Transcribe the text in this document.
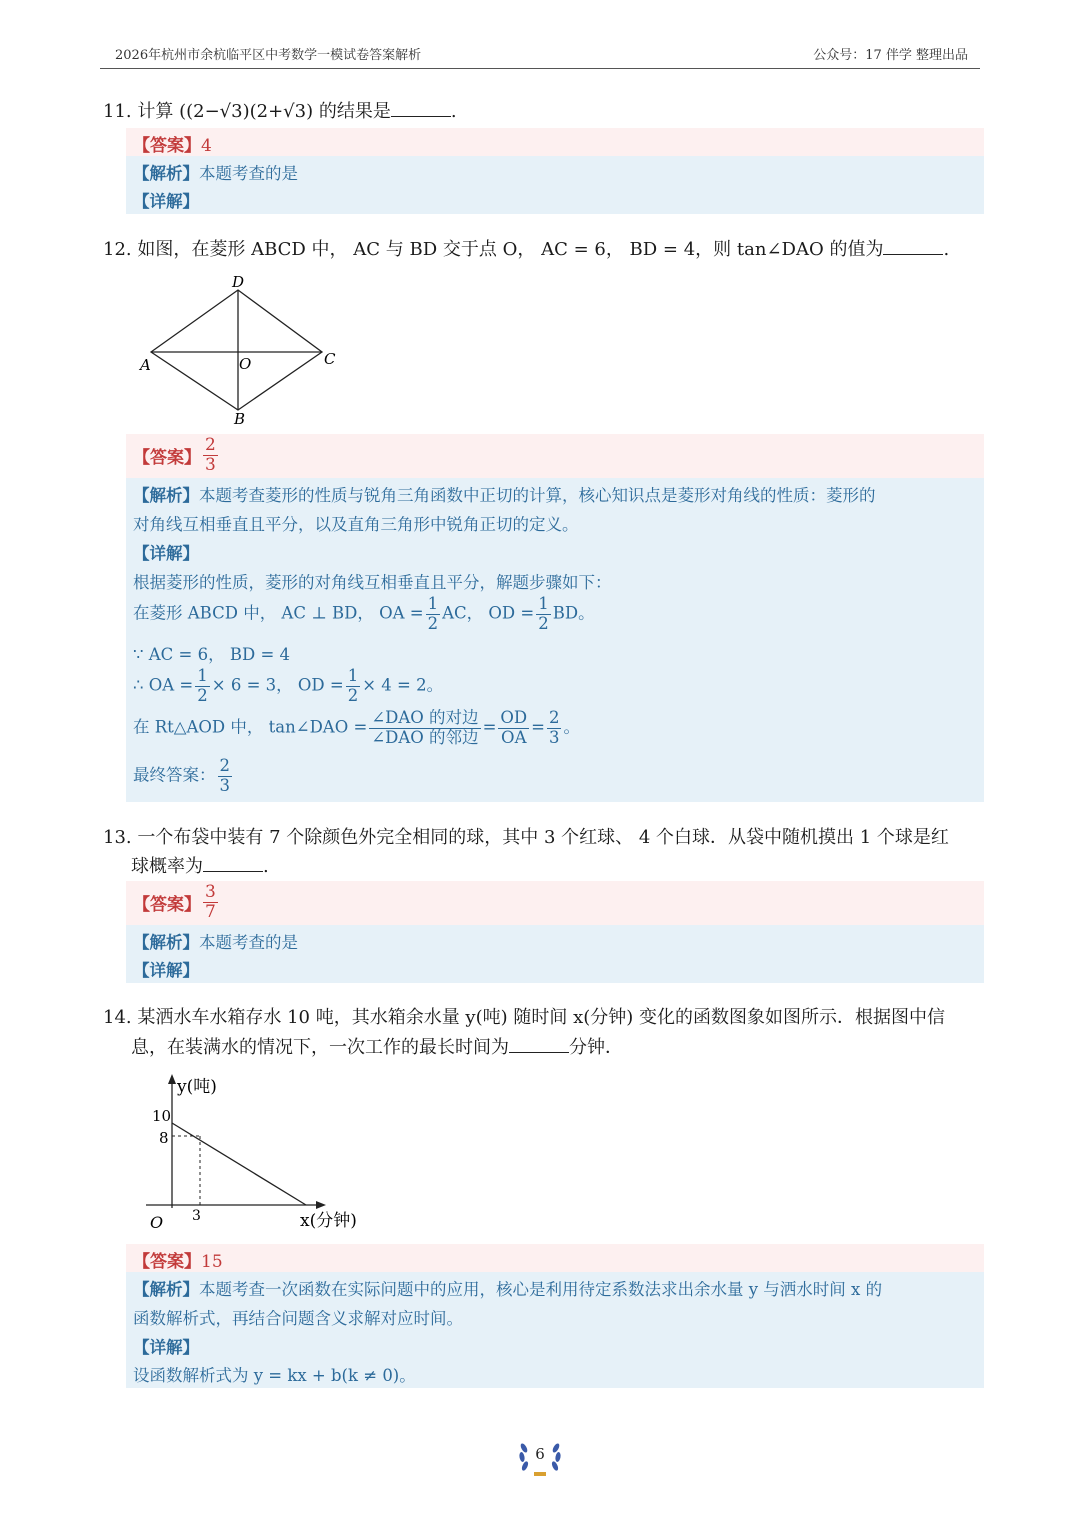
2026年杭州市余杭临平区中考数学一模试卷答案解析	公众号：17 伴学 整理出品
11. 计算 ((2−√3)(2+√3) 的结果是	.
【答案】4
【解析】本题考查的是
【详解】
12. 如图，在菱形 ABCD 中， AC 与 BD 交于点 O， AC = 6， BD = 4，则 tan∠DAO 的值为	.
D
A	O	C
B
【答案】 $\frac{2}{3}$
【解析】本题考查菱形的性质与锐角三角函数中正切的计算，核心知识点是菱形对角线的性质：菱形的
对角线互相垂直且平分，以及直角三角形中锐角正切的定义。
【详解】
根据菱形的性质，菱形的对角线互相垂直且平分，解题步骤如下：
在菱形 ABCD 中， AC ⊥ BD， OA = $\frac{1}{2}$ AC， OD = $\frac{1}{2}$ BD。
∵ AC = 6， BD = 4
∴ OA = $\frac{1}{2} \times 6 = 3$， OD = $\frac{1}{2} \times 4 = 2$。
在 Rt△AOD 中， tan∠DAO = $\frac{\text{∠DAO 的对边}}{\text{∠DAO 的邻边}} = \frac{OD}{OA} = \frac{2}{3}$ 。
最终答案： $\frac{2}{3}$
13. 一个布袋中装有 7 个除颜色外完全相同的球，其中 3 个红球、 4 个白球．从袋中随机摸出 1 个球是红
球概率为	.
【答案】 $\frac{3}{7}$
【解析】本题考查的是
【详解】
14. 某洒水车水箱存水 10 吨，其水箱余水量 y(吨) 随时间 x(分钟) 变化的函数图象如图所示．根据图中信
息，在装满水的情况下，一次工作的最长时间为	分钟．
y(吨)
10
8
3
O	x(分钟)
【答案】15
【解析】本题考查一次函数在实际问题中的应用，核心是利用待定系数法求出余水量 y 与洒水时间 x 的
函数解析式，再结合问题含义求解对应时间。
【详解】
设函数解析式为 y = kx + b(k ≠ 0)。
6
